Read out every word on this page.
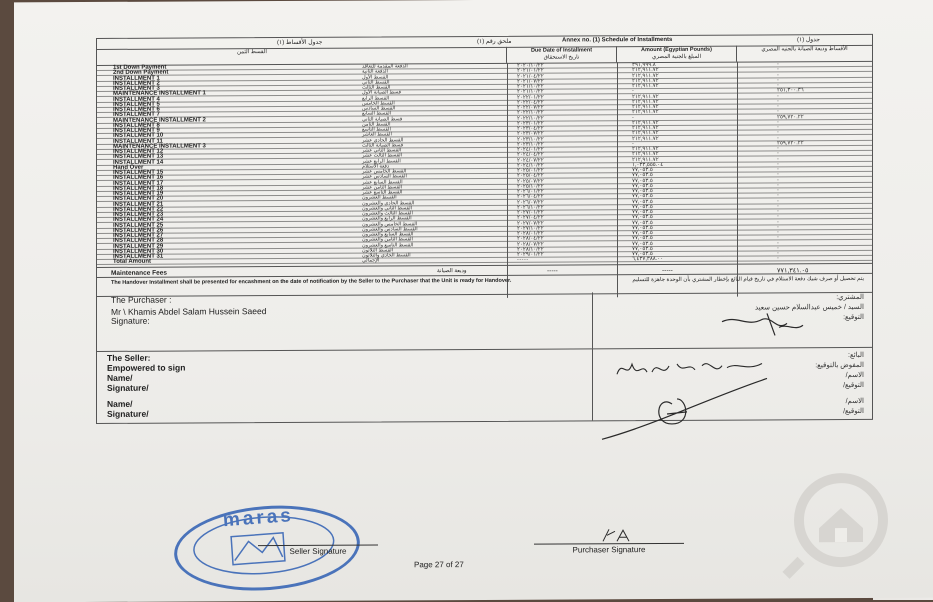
جدول الأقساط (١)	ملحق رقم (١)	Annex no. (1) Schedule of Installments	جدول (١)
القسط الثمن	Due Date of Installment
تاريخ الاستحقاق
Amount (Egyptian Pounds)
المبلغ بالجنية المصري
الأقساط وديعة الصيانة بالجنيه المصري
1st Down Payment	الدفعة المقدمة للتعاقد	٢٠٢٠/١٠/٢٢	٣٩١,٩٩٩.٨	-
2nd Down Payment	الدفعة الثانية	٢٠٢١/٠١/٢٢	٢١٢,٩١١.٧٢	-
INSTALLMENT 1	القسط الأول	٢٠٢١/٠٤/٢٢	٢١٢,٩١١.٧٢	-
INSTALLMENT 2	القسط الثاني	٢٠٢١/٠٧/٢٢	٢١٢,٩١١.٧٢	-
INSTALLMENT 3	القسط الثالث	٢٠٢١/١٠/٢٢	٢١٢,٩١١.٧٢	-
MAINTENANCE INSTALLMENT 1	قسط الصيانة الأول	٢٠٢١/١٠/٢٢	-	٢٥١,٣٠٠.٣٦
INSTALLMENT 4	القسط الرابع	٢٠٢٢/٠١/٢٢	٢١٢,٩١١.٧٢	-
INSTALLMENT 5	القسط الخامس	٢٠٢٢/٠٤/٢٢	٢١٢,٩١١.٧٢	-
INSTALLMENT 6	القسط السادس	٢٠٢٢/٠٧/٢٢	٢١٢,٩١١.٧٢	-
INSTALLMENT 7	القسط السابع	٢٠٢٢/١٠/٢٢	٢١٢,٩١١.٧٢	-
MAINTENANCE INSTALLMENT 2	قسط الصيانة الثاني	٢٠٢٢/١٠/٢٢	-	٢٥٩,٧٢٠.٢٢
INSTALLMENT 8	القسط الثامن	٢٠٢٣/٠١/٢٢	٢١٢,٩١١.٧٢	-
INSTALLMENT 9	القسط التاسع	٢٠٢٣/٠٤/٢٢	٢١٢,٩١١.٧٢	-
INSTALLMENT 10	القسط العاشر	٢٠٢٣/٠٧/٢٢	٢١٢,٩١١.٧٢	-
INSTALLMENT 11	القسط الحادي عشر	٢٠٢٣/١٠/٢٢	٢١٢,٩١١.٧٢	-
MAINTENANCE INSTALLMENT 3	قسط الصيانة الثالث	٢٠٢٣/١٠/٢٢	-	٢٥٩,٧٢٠.٢٢
INSTALLMENT 12	القسط الثاني عشر	٢٠٢٤/٠١/٢٢	٢١٢,٩١١.٧٢	-
INSTALLMENT 13	القسط الثالث عشر	٢٠٢٤/٠٤/٢٢	٢١٢,٩١١.٧٢	-
INSTALLMENT 14	القسط الرابع عشر	٢٠٢٤/٠٧/٢٢	٢١٢,٩١١.٧٢	-
Hand Over	دفعة الاستلام	٢٠٢٤/١٠/٢٢	١,٠٣٣,٥٥٥.٠٤	-
INSTALLMENT 15	القسط الخامس عشر	٢٠٢٥/٠١/٢٢	٧٧,٠٥٣.٥	-
INSTALLMENT 16	القسط السادس عشر	٢٠٢٥/٠٤/٢٢	٧٧,٠٥٣.٥	-
INSTALLMENT 17	القسط السابع عشر	٢٠٢٥/٠٧/٢٢	٧٧,٠٥٣.٥	-
INSTALLMENT 18	القسط الثامن عشر	٢٠٢٥/١٠/٢٢	٧٧,٠٥٣.٥	-
INSTALLMENT 19	القسط التاسع عشر	٢٠٢٦/٠١/٢٢	٧٧,٠٥٣.٥	-
INSTALLMENT 20	القسط العشرون	٢٠٢٦/٠٤/٢٢	٧٧,٠٥٣.٥	-
INSTALLMENT 21	القسط الحادي والعشرون	٢٠٢٦/٠٧/٢٢	٧٧,٠٥٣.٥	-
INSTALLMENT 22	القسط الثاني والعشرون	٢٠٢٦/١٠/٢٢	٧٧,٠٥٣.٥	-
INSTALLMENT 23	القسط الثالث والعشرون	٢٠٢٧/٠١/٢٢	٧٧,٠٥٣.٥	-
INSTALLMENT 24	القسط الرابع والعشرون	٢٠٢٧/٠٤/٢٢	٧٧,٠٥٣.٥	-
INSTALLMENT 25	القسط الخامس والعشرون	٢٠٢٧/٠٧/٢٢	٧٧,٠٥٣.٥	-
INSTALLMENT 26	القسط السادس والعشرون	٢٠٢٧/١٠/٢٢	٧٧,٠٥٣.٥	-
INSTALLMENT 27	القسط السابع والعشرون	٢٠٢٨/٠١/٢٢	٧٧,٠٥٣.٥	-
INSTALLMENT 28	القسط الثامن والعشرون	٢٠٢٨/٠٤/٢٢	٧٧,٠٥٣.٥	-
INSTALLMENT 29	القسط التاسع والعشرون	٢٠٢٨/٠٧/٢٢	٧٧,٠٥٣.٥	-
INSTALLMENT 30	القسط الثلاثون	٢٠٢٨/١٠/٢٢	٧٧,٠٥٣.٥	-
INSTALLMENT 31	القسط الحادي والثلاثون	٢٠٢٩/٠١/٢٢	٧٧,٠٥٣.٥	-
Total Amount	الإجمالي	-----	٦,٤٣٧,٣٨٨.٠٠	-
Maintenance Fees	وديعة الصيانة	-----	-----	٧٧١,٣٤١.٠٥
The Handover Installment shall be presented for encashment on the date of notification by the Seller to the Purchaser that the Unit is ready for Handover.	يتم تحصيل أو صرف شيك دفعة الاستلام في تاريخ قيام البائع بإخطار المشتري بأن الوحدة جاهزة للتسليم
The Purchaser :
Mr \ Khamis Abdel Salam Hussein Saeed
Signature:
المشتري:
السيد / خميس عبدالسلام حسين سعيد
التوقيع:
The Seller:
Empowered to sign
Name/
Signature/
Name/
Signature/
البائع:
المفوض بالتوقيع:
الاسم/
التوقيع/
الاسم/
التوقيع/
maras
Seller Signature	Purchaser Signature
Page 27 of 27
